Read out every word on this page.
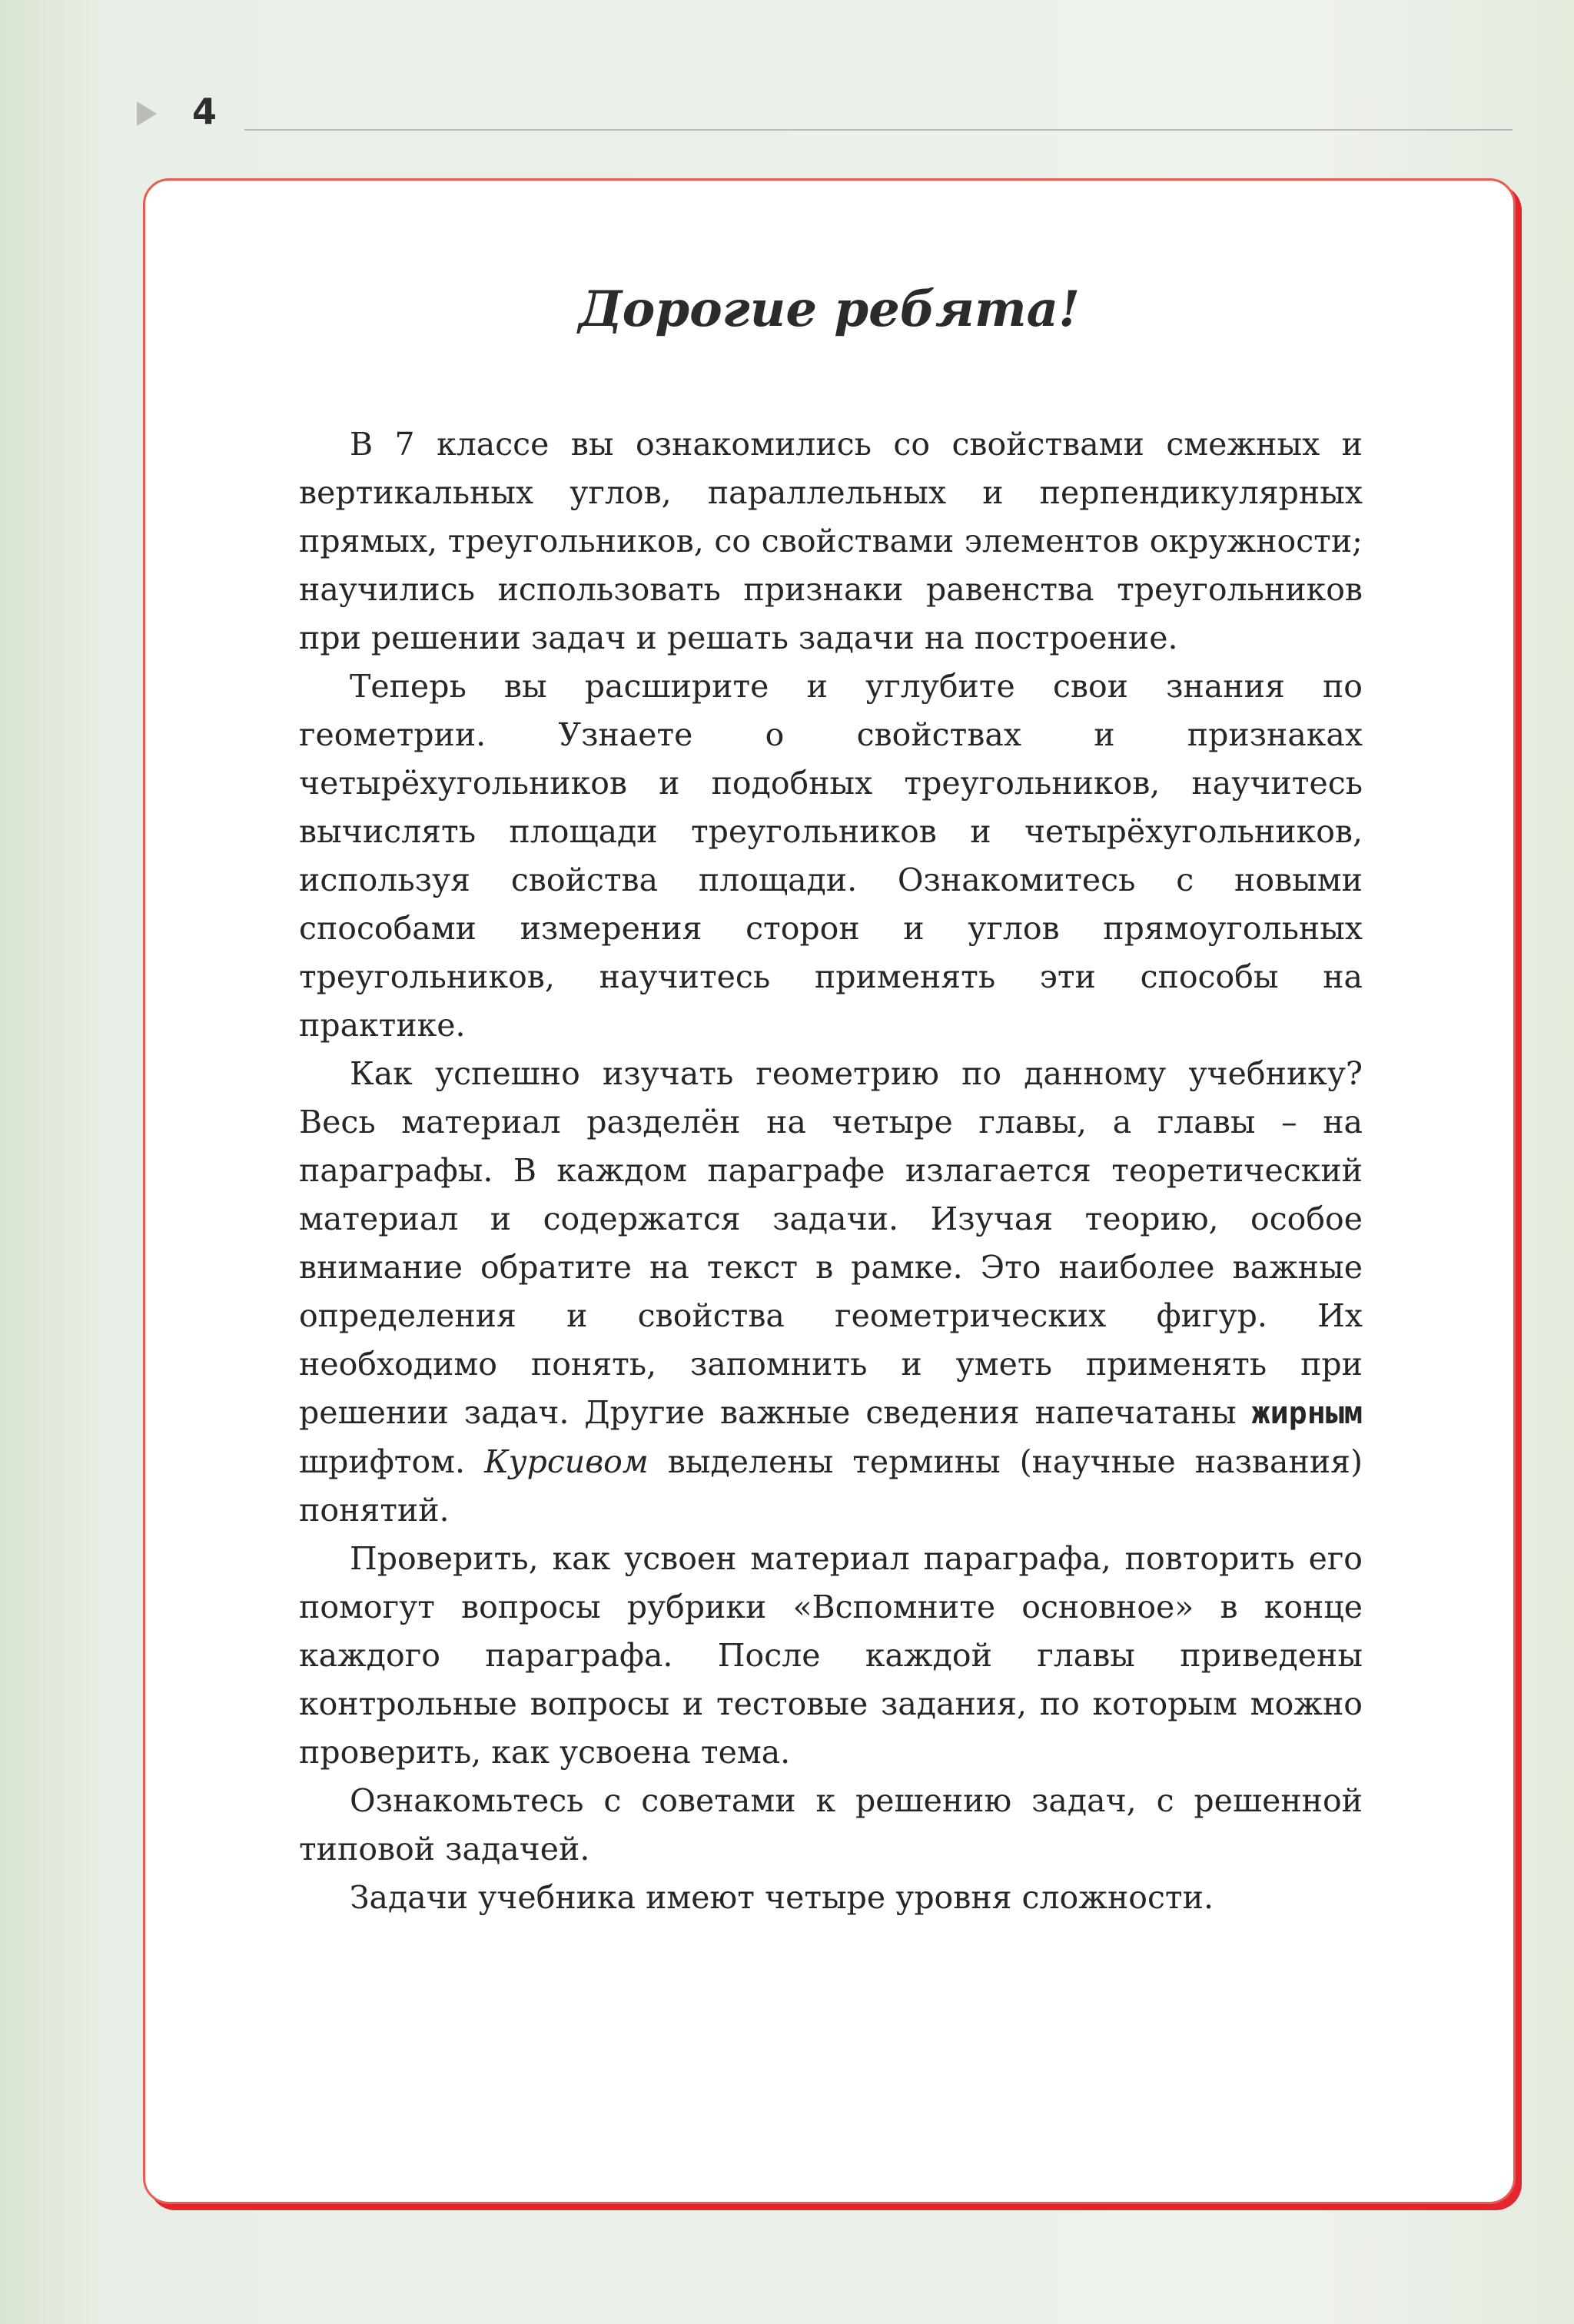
4
Дорогие ребята!

В 7 классе вы ознакомились со свойствами смежных и вертикальных углов, параллельных и перпендикулярных прямых, треугольников, со свойствами элементов окружности; научились использовать признаки равенства треугольников при решении задач и решать задачи на построение.

Теперь вы расширите и углубите свои знания по геометрии. Узнаете о свойствах и признаках четырёхугольников и подобных треугольников, научитесь вычислять площади треугольников и четырёхугольников, используя свойства площади. Ознакомитесь с новыми способами измерения сторон и углов прямоугольных треугольников, научитесь применять эти способы на практике.

Как успешно изучать геометрию по данному учебнику? Весь материал разделён на четыре главы, а главы – на параграфы. В каждом параграфе излагается теоретический материал и содержатся задачи. Изучая теорию, особое внимание обратите на текст в рамке. Это наиболее важные определения и свойства геометрических фигур. Их необходимо понять, запомнить и уметь применять при решении задач. Другие важные сведения напечатаны жирным шрифтом. Курсивом выделены термины (научные названия) понятий.

Проверить, как усвоен материал параграфа, повторить его помогут вопросы рубрики «Вспомните основное» в конце каждого параграфа. После каждой главы приведены контрольные вопросы и тестовые задания, по которым можно проверить, как усвоена тема.

Ознакомьтесь с советами к решению задач, с решенной типовой задачей.

Задачи учебника имеют четыре уровня сложности.
